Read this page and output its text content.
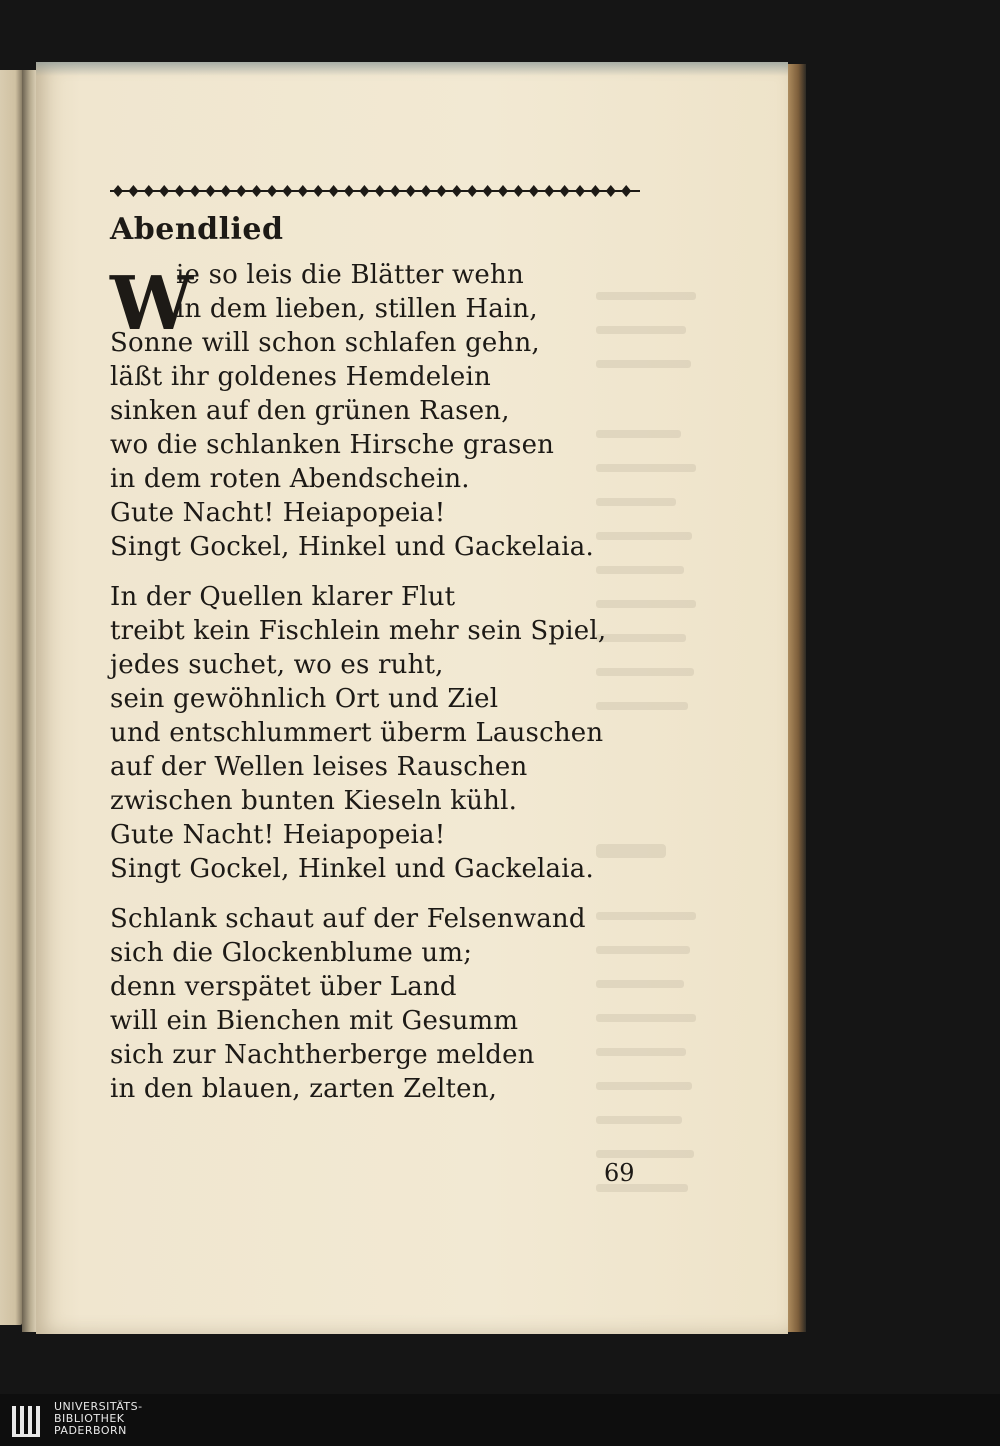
Abendlied
W
ie so leis die Blätter wehn
in dem lieben, stillen Hain,
Sonne will schon schlafen gehn,
läßt ihr goldenes Hemdelein
sinken auf den grünen Rasen,
wo die schlanken Hirsche grasen
in dem roten Abendschein.
Gute Nacht! Heiapopeia!
Singt Gockel, Hinkel und Gackelaia.
In der Quellen klarer Flut
treibt kein Fischlein mehr sein Spiel,
jedes suchet, wo es ruht,
sein gewöhnlich Ort und Ziel
und entschlummert überm Lauschen
auf der Wellen leises Rauschen
zwischen bunten Kieseln kühl.
Gute Nacht! Heiapopeia!
Singt Gockel, Hinkel und Gackelaia.
Schlank schaut auf der Felsenwand
sich die Glockenblume um;
denn verspätet über Land
will ein Bienchen mit Gesumm
sich zur Nachtherberge melden
in den blauen, zarten Zelten,
69
UNIVERSITÄTS-
BIBLIOTHEK
PADERBORN
